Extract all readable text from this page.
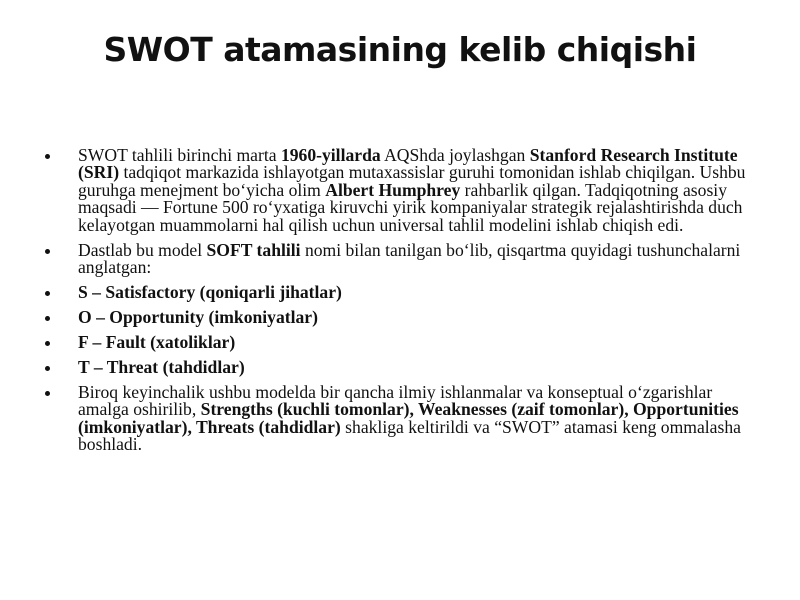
SWOT atamasining kelib chiqishi
SWOT tahlili birinchi marta 1960-yillarda AQShda joylashgan Stanford Research Institute (SRI) tadqiqot markazida ishlayotgan mutaxassislar guruhi tomonidan ishlab chiqilgan. Ushbu guruhga menejment bo‘yicha olim Albert Humphrey rahbarlik qilgan. Tadqiqotning asosiy maqsadi — Fortune 500 ro‘yxatiga kiruvchi yirik kompaniyalar strategik rejalashtirishda duch kelayotgan muammolarni hal qilish uchun universal tahlil modelini ishlab chiqish edi.
Dastlab bu model SOFT tahlili nomi bilan tanilgan bo‘lib, qisqartma quyidagi tushunchalarni anglatgan:
S – Satisfactory (qoniqarli jihatlar)
O – Opportunity (imkoniyatlar)
F – Fault (xatoliklar)
T – Threat (tahdidlar)
Biroq keyinchalik ushbu modelda bir qancha ilmiy ishlanmalar va konseptual o‘zgarishlar amalga oshirilib, Strengths (kuchli tomonlar), Weaknesses (zaif tomonlar), Opportunities (imkoniyatlar), Threats (tahdidlar) shakliga keltirildi va “SWOT” atamasi keng ommalasha boshladi.
